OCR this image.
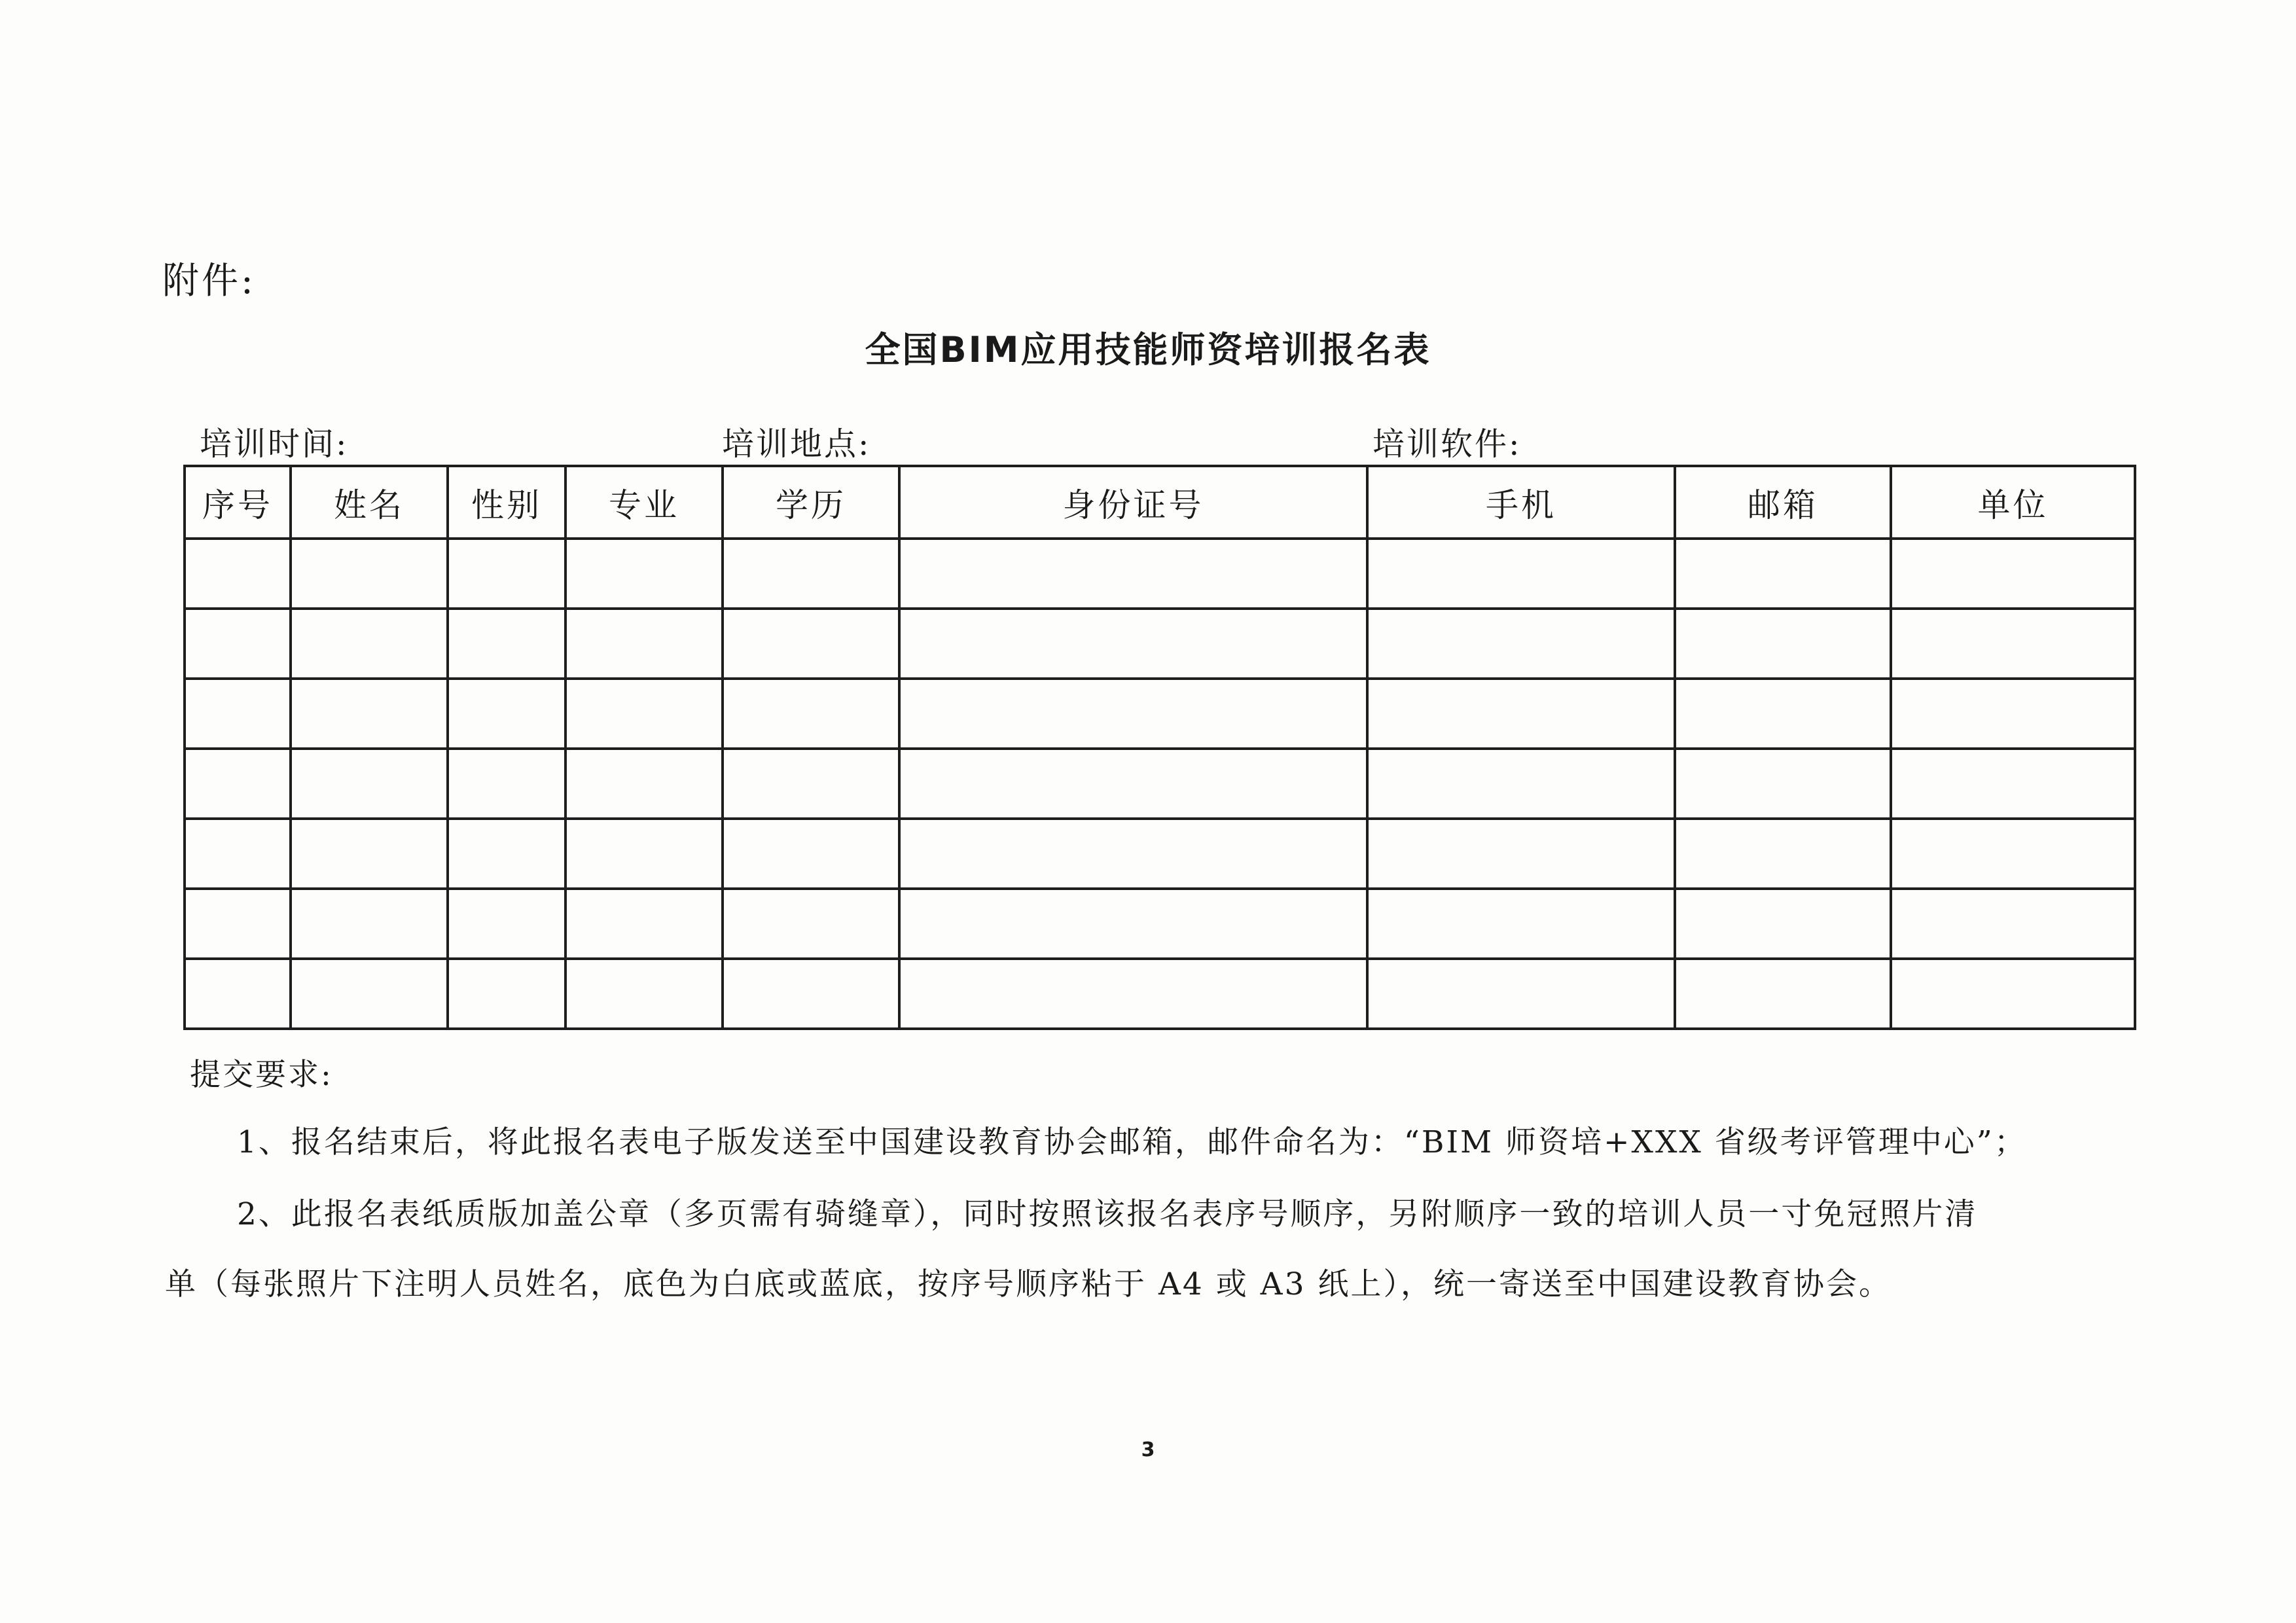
附件:
全国BIM应用技能师资培训报名表
培训时间:	培训地点:	培训软件:
序号	姓名	性别	专业	学历	身份证号	手机	邮箱	单位

提交要求:
1、报名结束后，将此报名表电子版发送至中国建设教育协会邮箱，邮件命名为：“BIM 师资培+XXX 省级考评管理中心”；
2、此报名表纸质版加盖公章（多页需有骑缝章），同时按照该报名表序号顺序，另附顺序一致的培训人员一寸免冠照片清
单（每张照片下注明人员姓名，底色为白底或蓝底，按序号顺序粘于 A4 或 A3 纸上），统一寄送至中国建设教育协会。
3
